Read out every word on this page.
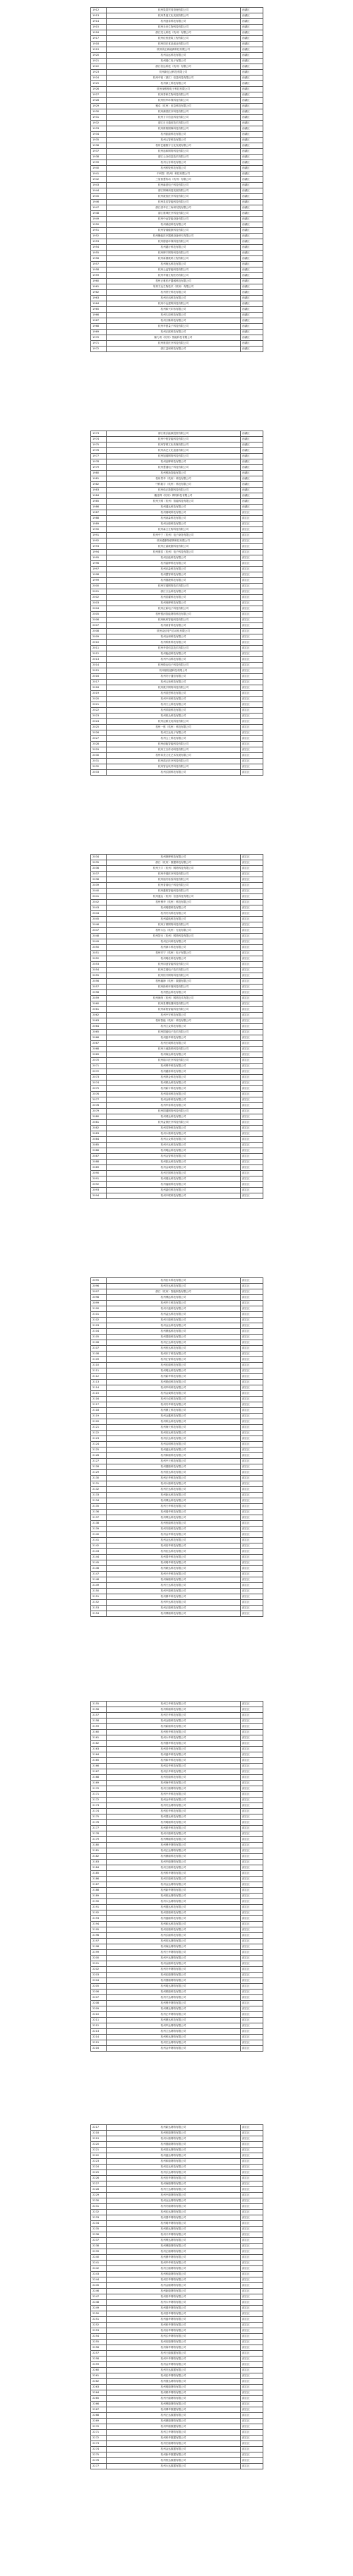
1912	杭州果果贸易管理有限公司	西湖区
1913	杭州景曼文化发展有限公司	西湖区
1914	杭州创泰科技有限公司	西湖区
1915	杭州未来生物科技有限公司	西湖区
1916	浙江龙元科技（杭州）有限公司	西湖区
1917	杭州佳恒建筑工程有限公司	西湖区
1918	杭州同乐食品创业有限公司	西湖区
1919	杭州欣正新能源科技有限公司	西湖区
1920	杭州洁远科技有限公司	西湖区
1921	杭州瑞仁电子有限公司	西湖区
1922	浙江信达科技（杭州）有限公司	西湖区
1923	杭州新亿达科技有限公司	西湖区
1924	杭州中锐（浙江）信息科技有限公司	西湖区
1925	杭州润土科技有限公司	西湖区
1926	杭州深维格电子科技有限公司	西湖区
1927	杭州泰和生物科技有限公司	西湖区
1928	杭州恒华环保科技有限公司	西湖区
1929	雅卓（杭州）信息科技有限公司	西湖区
1930	杭州澳普医疗科技有限公司	西湖区
1931	杭州方宇信息科技有限公司	西湖区
1932	浙江日月通信技术有限公司	西湖区
1933	杭州维格图像科技有限公司	西湖区
1934	杭州凯瑞科技有限公司	西湖区
1935	杭州云智科技有限公司	西湖区
1936	杭州艺趣数字文化发展有限公司	西湖区
1937	杭州途和网络科技有限公司	西湖区
1938	浙江云谷信息技术有限公司	西湖区
1939	杭州大有科技有限公司	西湖区
1940	杭州科锐科技有限公司	西湖区
1941	中科智（杭州）科技有限公司	西湖区
1942	三星智慧传动（杭州）有限公司	西湖区
1943	杭州赫兹电子科技有限公司	西湖区
1944	浙江网域科技发展有限公司	西湖区
1945	杭州数智医疗科技有限公司	西湖区
1946	杭州星辰智能科技有限公司	西湖区
1947	浙江清华长三角研究院有限公司	西湖区
1948	浙江康坤医疗科技有限公司	西湖区
1949	杭州中远智能设备有限公司	西湖区
1950	杭州睿创科技有限公司	西湖区
1951	杭州智瑞健康科技有限公司	西湖区
1952	杭州聚能医疗器械设备研究有限公司	西湖区
1953	杭州德意环保科技有限公司	西湖区
1954	杭州越行科技有限公司	西湖区
1955	杭州博宇网络科技有限公司	西湖区
1956	杭州新图数码工程有限公司	西湖区
1957	杭州柯达科技有限公司	西湖区
1958	杭州云麦智能科技有限公司	西湖区
1959	杭州华瑞生物医药有限公司	西湖区
1960	杭州正雅医疗器械科技有限公司	西湖区
1961	易邦方达生物技术（杭州）有限公司	西湖区
1962	杭州景宏科技有限公司	西湖区
1963	杭州光迅科技有限公司	西湖区
1964	杭州中达建筑科技有限公司	西湖区
1965	杭州和兴印务有限公司	西湖区
1966	杭州久如科技有限公司	西湖区
1967	杭州万隆科技有限公司	西湖区
1968	杭州华夏量子科技有限公司	西湖区
1969	杭州正熙科技有限公司	西湖区
1970	隆力奇（杭州）智能科技有限公司	西湖区
1971	杭州康普医疗科技有限公司	西湖区
1972	浙江益柯科技有限公司	西湖区
1973	浙江康弘能源投资有限公司	西湖区
1974	杭州中锐智能科技有限公司	西湖区
1975	杭州智维文化传媒有限公司	西湖区
1976	杭州高艺文化创意有限公司	西湖区
1977	杭州旭瑞网络科技有限公司	西湖区
1978	杭州品牌科技有限公司	西湖区
1979	杭州慧通电子科技有限公司	西湖区
1980	杭州维新智能有限公司	西湖区
1981	杭州景华（杭州）科技有限公司	西湖区
1982	中科数字（杭州）科技有限公司	西湖区
1983	杭州诺正数据科技有限公司	西湖区
1984	戴佳利（杭州）网络科技有限公司	西湖区
1985	杭州天网（杭州）智能科技有限公司	西湖区
1986	杭州通达科技有限公司	西湖区
1987	杭州瑞城科技有限公司	滨江区
1988	杭州莱森科技有限公司	滨江区
1989	杭州全瑞科技有限公司	滨江区
1990	杭州森立生物科技有限公司	滨江区
1991	杭州中宁（杭州）电子商务有限公司	滨江区
1992	杭州通康物联网科技有限公司	滨江区
1993	杭州正嘉数据科技有限公司	滨江区
1994	杭州康泰（杭州）电子科技有限公司	滨江区
1995	杭州巨能科技有限公司	滨江区
1996	杭州晶博科技有限公司	滨江区
1997	杭州沐森科技有限公司	滨江区
1998	杭州慧智科技有限公司	滨江区
1999	杭州德捷科技有限公司	滨江区
2000	杭州宏瑞网络技术有限公司	滨江区
2001	浙江万达科技有限公司	滨江区
2002	杭州星耀科技有限公司	滨江区
2003	杭州奥博科技有限公司	滨江区
2004	杭州正新电子科技有限公司	滨江区
2005	杭州银河智能网络科技有限公司	滨江区
2006	杭州帆科智能科技有限公司	滨江区
2007	杭州莱普科技有限公司	滨江区
2008	杭州众信电气自动化有限公司	滨江区
2009	杭州众和科技有限公司	滨江区
2010	杭州科维科技有限公司	滨江区
2011	杭州华普信息技术有限公司	滨江区
2012	杭州能创科技有限公司	滨江区
2013	杭州中启科技有限公司	滨江区
2014	杭州微达电子科技有限公司	滨江区
2015	杭州瑞信通科技有限公司	滨江区
2016	杭州安行通信有限公司	滨江区
2017	杭州云扬科技有限公司	滨江区
2018	杭州数字网络科技有限公司	滨江区
2019	杭州普恩科技有限公司	滨江区
2020	杭州中和科技有限公司	滨江区
2021	杭州天云科技有限公司	滨江区
2022	杭州祥瑞科技有限公司	滨江区
2023	杭州恒众科技有限公司	滨江区
2024	杭州迈斯光电科技有限公司	滨江区
2025	杭州一维（杭州）科技有限公司	滨江区
2026	杭州立达电子有限公司	滨江区
2027	杭州云上科技有限公司	滨江区
2028	杭州创能智能科技有限公司	滨江区
2029	杭州立吉传动科技有限公司	滨江区
2030	杭州邦美文化艺术发展有限公司	滨江区
2031	杭州鸿正医疗科技有限公司	滨江区
2032	杭州智达软件科技有限公司	滨江区
2033	杭州弘图科技有限公司	滨江区
2034	杭州康博科技有限公司	滨江区
2035	浙江（杭州）数据科技有限公司	滨江区
2036	杭州天宇（杭州）网络科技有限公司	滨江区
2037	杭州华瑞医疗科技有限公司	滨江区
2038	杭州迪安检验科技有限公司	滨江区
2039	杭州普瑞电子科技有限公司	滨江区
2040	杭州鑫锐智能科技有限公司	滨江区
2041	杭州通达（杭州）信息科技有限公司	滨江区
2042	杭州博华（杭州）科技有限公司	滨江区
2043	杭州明德科技有限公司	滨江区
2044	杭州安讯科技有限公司	滨江区
2045	杭州睿航科技有限公司	滨江区
2046	杭州万维网络科技有限公司	滨江区
2047	杭州永达（杭州）光电有限公司	滨江区
2048	杭州智禾（杭州）网络科技有限公司	滨江区
2049	杭州正向科技有限公司	滨江区
2050	杭州润丰科技有限公司	滨江区
2051	杭州安宁（杭州）电子有限公司	滨江区
2052	杭州明佳科技有限公司	滨江区
2053	杭州同创智能科技有限公司	滨江区
2054	杭州芯瑞电子技术有限公司	滨江区
2055	杭州恒升网络科技有限公司	滨江区
2056	杭州瀚海（杭州）数据有限公司	滨江区
2057	杭州绿科环境科技有限公司	滨江区
2058	杭州思远科技有限公司	滨江区
2059	杭州海纳（杭州）网络技术有限公司	滨江区
2060	杭州星网锐捷科技有限公司	滨江区
2061	杭州新锐智能科技有限公司	滨江区
2062	杭州中安科技有限公司	滨江区
2063	杭州智能（杭州）科技有限公司	滨江区
2064	杭州立众科技有限公司	滨江区
2065	杭州国盛电子技术有限公司	滨江区
2066	杭州振华科技有限公司	滨江区
2067	杭州长城科技有限公司	滨江区
2068	杭州天地数码科技有限公司	滨江区
2069	杭州海达科技有限公司	滨江区
2070	杭州瑞丰医疗科技有限公司	滨江区
2071	杭州利华科技有限公司	滨江区
2072	杭州越泰科技有限公司	滨江区
2073	杭州纳金科技有限公司	滨江区
2074	杭州联众科技有限公司	滨江区
2075	杭州新宇科技有限公司	滨江区
2076	杭州同和科技有限公司	滨江区
2077	杭州金桥科技有限公司	滨江区
2078	杭州华泰科技有限公司	滨江区
2079	杭州国通网络科技有限公司	滨江区
2080	杭州鸿达科技有限公司	滨江区
2081	杭州益康医疗科技有限公司	滨江区
2082	杭州英特科技有限公司	滨江区
2083	杭州永康科技有限公司	滨江区
2084	杭州合众科技有限公司	滨江区
2085	杭州兴达科技有限公司	滨江区
2086	杭州明远科技有限公司	滨江区
2087	杭州众智科技有限公司	滨江区
2088	杭州凯达科技有限公司	滨江区
2089	杭州金诚科技有限公司	滨江区
2090	杭州宏图科技有限公司	滨江区
2091	杭州瑞达科技有限公司	滨江区
2092	杭州福瑞科技有限公司	滨江区
2093	杭州嘉信科技有限公司	滨江区
2094	杭州中联科技有限公司	滨江区
2095	杭州佳禾科技有限公司	滨江区
2096	杭州安达科技有限公司	滨江区
2097	浙江（杭州）智能制造有限公司	滨江区
2098	杭州博远科技有限公司	滨江区
2099	杭州华丰科技有限公司	滨江区
2100	杭州兴盛科技有限公司	滨江区
2101	杭州益达科技有限公司	滨江区
2102	杭州天瑞科技有限公司	滨江区
2103	杭州金达科技有限公司	滨江区
2104	杭州鼎盛科技有限公司	滨江区
2105	杭州国瑞科技有限公司	滨江区
2106	杭州正达科技有限公司	滨江区
2107	杭州恒达科技有限公司	滨江区
2108	杭州东方科技有限公司	滨江区
2109	杭州汇智科技有限公司	滨江区
2110	杭州佳瑞科技有限公司	滨江区
2111	杭州明达科技有限公司	滨江区
2112	杭州新华科技有限公司	滨江区
2113	杭州联创科技有限公司	滨江区
2114	杭州华科科技有限公司	滨江区
2115	杭州众诚科技有限公司	滨江区
2116	杭州天成科技有限公司	滨江区
2117	杭州安华科技有限公司	滨江区
2118	杭州鼎立科技有限公司	滨江区
2119	杭州金鑫科技有限公司	滨江区
2120	杭州科达科技有限公司	滨江区
2121	杭州海天科技有限公司	滨江区
2122	杭州信达科技有限公司	滨江区
2123	杭州弘达科技有限公司	滨江区
2124	杭州启明科技有限公司	滨江区
2125	杭州盛达科技有限公司	滨江区
2126	杭州和瑞科技有限公司	滨江区
2127	杭州中天科技有限公司	滨江区
2128	杭州德瑞科技有限公司	滨江区
2129	杭州昌达科技有限公司	滨江区
2130	杭州正华科技有限公司	滨江区
2131	杭州永瑞科技有限公司	滨江区
2132	杭州宏达科技有限公司	滨江区
2133	杭州新达科技有限公司	滨江区
2134	杭州博达科技有限公司	滨江区
2135	杭州天华科技有限公司	滨江区
2136	杭州瑞华科技有限公司	滨江区
2137	杭州利达科技有限公司	滨江区
2138	杭州恒瑞科技有限公司	滨江区
2139	杭州安瑞科技有限公司	滨江区
2140	杭州金华科技有限公司	滨江区
2141	杭州众达科技有限公司	滨江区
2142	杭州信华科技有限公司	滨江区
2143	杭州佳达科技有限公司	滨江区
2144	杭州国华科技有限公司	滨江区
2145	杭州明华科技有限公司	滨江区
2146	杭州联达科技有限公司	滨江区
2147	杭州兴华科技有限公司	滨江区
2148	杭州海瑞科技有限公司	滨江区
2149	杭州天达科技有限公司	滨江区
2150	杭州中瑞科技有限公司	滨江区
2151	杭州鼎华科技有限公司	滨江区
2152	杭州华达科技有限公司	滨江区
2153	杭州正瑞科技有限公司	滨江区
2154	杭州博瑞科技有限公司	滨江区
2155	杭州立华科技有限公司	滨江区
2156	杭州科瑞科技有限公司	滨江区
2157	杭州宏华科技有限公司	滨江区
2158	杭州金瑞科技有限公司	滨江区
2159	杭州新瑞科技有限公司	滨江区
2160	杭州恒华科技有限公司	滨江区
2161	杭州永华科技有限公司	滨江区
2162	杭州德华科技有限公司	滨江区
2163	杭州昌华科技有限公司	滨江区
2164	杭州盛华科技有限公司	滨江区
2165	杭州和华科技有限公司	滨江区
2166	杭州启华科技有限公司	滨江区
2167	杭州弘华科技有限公司	滨江区
2168	杭州信瑞科技有限公司	滨江区
2169	杭州海华科技有限公司	滨江区
2170	杭州天瑞网络有限公司	滨江区
2171	杭州中华科技有限公司	滨江区
2172	杭州众华科技有限公司	滨江区
2173	杭州安达网络有限公司	滨江区
2174	杭州佳华科技有限公司	滨江区
2175	杭州国达科技有限公司	滨江区
2176	杭州明瑞科技有限公司	滨江区
2177	杭州联华科技有限公司	滨江区
2178	杭州兴瑞科技有限公司	滨江区
2179	杭州利瑞科技有限公司	滨江区
2180	杭州博华网络有限公司	滨江区
2181	杭州正达网络有限公司	滨江区
2182	杭州鼎瑞科技有限公司	滨江区
2183	杭州华瑞网络有限公司	滨江区
2184	杭州立瑞科技有限公司	滨江区
2185	杭州科华网络有限公司	滨江区
2186	杭州宏瑞科技有限公司	滨江区
2187	杭州金达网络有限公司	滨江区
2188	杭州新华网络有限公司	滨江区
2189	杭州恒达网络有限公司	滨江区
2190	杭州永达网络有限公司	滨江区
2191	杭州德达科技有限公司	滨江区
2192	杭州昌瑞科技有限公司	滨江区
2193	杭州盛瑞科技有限公司	滨江区
2194	杭州和达科技有限公司	滨江区
2195	杭州启瑞科技有限公司	滨江区
2196	杭州弘瑞科技有限公司	滨江区
2197	杭州信达网络有限公司	滨江区
2198	杭州海达网络有限公司	滨江区
2199	杭州天华网络有限公司	滨江区
2200	杭州中达网络有限公司	滨江区
2201	杭州众瑞科技有限公司	滨江区
2202	杭州安华网络有限公司	滨江区
2203	杭州佳瑞网络有限公司	滨江区
2204	杭州国瑞网络有限公司	滨江区
2205	杭州明达网络有限公司	滨江区
2206	杭州联瑞科技有限公司	滨江区
2207	杭州兴达网络有限公司	滨江区
2208	杭州利华网络有限公司	滨江区
2209	杭州博达网络有限公司	滨江区
2210	杭州正华网络有限公司	滨江区
2211	杭州鼎达科技有限公司	滨江区
2212	杭州华达网络有限公司	滨江区
2213	杭州立达网络有限公司	滨江区
2214	杭州科达网络有限公司	滨江区
2215	杭州宏达网络有限公司	滨江区
2216	杭州金华网络有限公司	滨江区
2217	杭州新达网络有限公司	滨江区
2218	杭州恒瑞网络有限公司	滨江区
2219	杭州永瑞网络有限公司	滨江区
2220	杭州德瑞网络有限公司	滨江区
2221	杭州昌达网络有限公司	滨江区
2222	杭州盛达网络有限公司	滨江区
2223	杭州和瑞网络有限公司	滨江区
2224	杭州启达科技有限公司	滨江区
2225	杭州弘达网络有限公司	滨江区
2226	杭州信华网络有限公司	滨江区
2227	杭州海瑞网络有限公司	滨江区
2228	杭州天达网络有限公司	滨江区
2229	杭州中瑞网络有限公司	滨江区
2230	杭州众达网络有限公司	滨江区
2231	杭州安瑞网络有限公司	滨江区
2232	杭州佳达网络有限公司	滨江区
2233	杭州国华网络有限公司	滨江区
2234	杭州明华网络有限公司	滨江区
2235	杭州联达网络有限公司	滨江区
2236	杭州兴华网络有限公司	滨江区
2237	杭州利达网络有限公司	滨江区
2238	杭州博瑞网络有限公司	滨江区
2239	杭州正瑞网络有限公司	滨江区
2240	杭州鼎华网络有限公司	滨江区
2241	杭州华华科技有限公司	滨江区
2242	杭州立瑞网络有限公司	滨江区
2243	杭州科瑞网络有限公司	滨江区
2244	杭州宏华网络有限公司	滨江区
2245	杭州金瑞网络有限公司	滨江区
2246	杭州新瑞网络有限公司	滨江区
2247	杭州恒华网络有限公司	滨江区
2248	杭州永华网络有限公司	滨江区
2249	杭州德华网络有限公司	滨江区
2250	杭州昌华网络有限公司	滨江区
2251	杭州盛华网络有限公司	滨江区
2252	杭州和华网络有限公司	滨江区
2253	杭州启华网络有限公司	滨江区
2254	杭州弘华网络有限公司	滨江区
2255	杭州信瑞网络有限公司	滨江区
2256	杭州海华网络有限公司	滨江区
2257	杭州天瑞数据有限公司	滨江区
2258	杭州中华网络有限公司	滨江区
2259	杭州众华网络有限公司	滨江区
2260	杭州安达数据有限公司	滨江区
2261	杭州佳华网络有限公司	滨江区
2262	杭州国达网络有限公司	滨江区
2263	杭州明瑞网络有限公司	滨江区
2264	杭州联华网络有限公司	滨江区
2265	杭州兴瑞网络有限公司	滨江区
2266	杭州利瑞网络有限公司	滨江区
2267	杭州博华数据有限公司	滨江区
2268	杭州正达数据有限公司	滨江区
2269	杭州鼎瑞网络有限公司	滨江区
2270	杭州华瑞数据有限公司	滨江区
2271	杭州立华网络有限公司	滨江区
2272	杭州科华数据有限公司	滨江区
2273	杭州宏瑞网络有限公司	滨江区
2274	杭州金达数据有限公司	滨江区
2275	杭州新华数据有限公司	滨江区
2276	杭州恒达数据有限公司	滨江区
2277	杭州永达数据有限公司	滨江区
